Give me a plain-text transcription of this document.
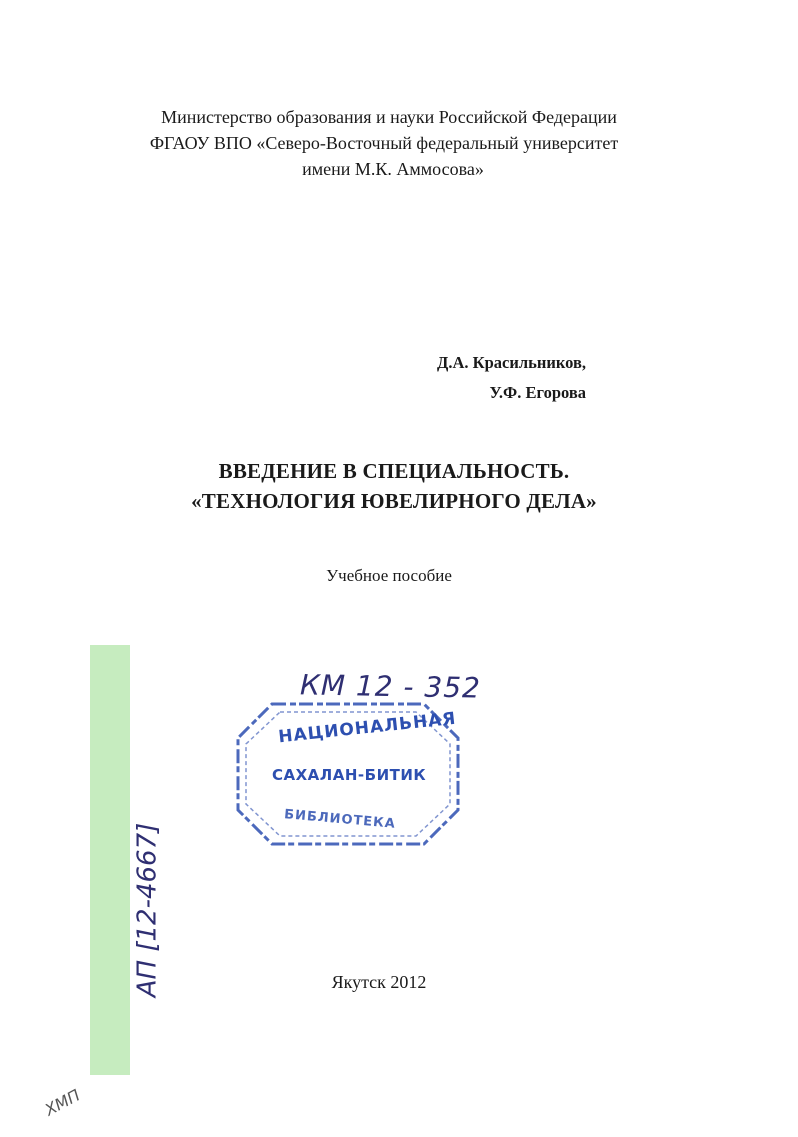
Министерство образования и науки Российской Федерации
ФГАОУ ВПО «Северо-Восточный федеральный университет
имени М.К. Аммосова»
Д.А. Красильников,
У.Ф. Егорова
ВВЕДЕНИЕ В СПЕЦИАЛЬНОСТЬ.
«ТЕХНОЛОГИЯ ЮВЕЛИРНОГО ДЕЛА»
Учебное пособие
КМ 12 - 352
НАЦИОНАЛЬНАЯ
САХАЛАН-БИТИК
БИБЛИОТЕКА
АП [12-4667]	Якутск 2012
ХМП
